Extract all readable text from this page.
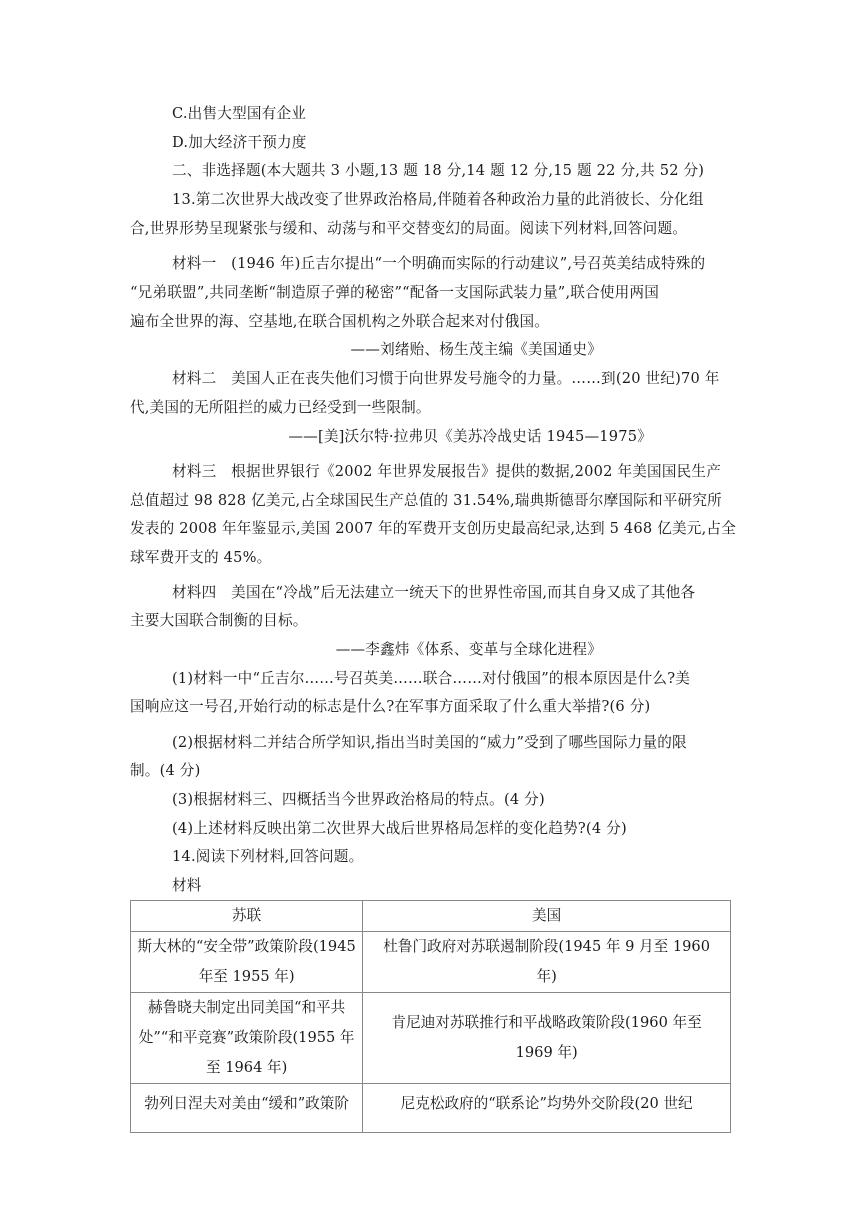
C.出售大型国有企业

D.加大经济干预力度

二、非选择题(本大题共 3 小题,13 题 18 分,14 题 12 分,15 题 22 分,共 52 分)

13.第二次世界大战改变了世界政治格局,伴随着各种政治力量的此消彼长、分化组

合,世界形势呈现紧张与缓和、动荡与和平交替变幻的局面。阅读下列材料,回答问题。

材料一　(1946 年)丘吉尔提出“一个明确而实际的行动建议”,号召英美结成特殊的

“兄弟联盟”,共同垄断“制造原子弹的秘密”“配备一支国际武装力量”,联合使用两国

遍布全世界的海、空基地,在联合国机构之外联合起来对付俄国。

——刘绪贻、杨生茂主编《美国通史》

材料二　美国人正在丧失他们习惯于向世界发号施令的力量。……到(20 世纪)70 年

代,美国的无所阻拦的威力已经受到一些限制。

——[美]沃尔特·拉弗贝《美苏冷战史话 1945—1975》

材料三　根据世界银行《2002 年世界发展报告》提供的数据,2002 年美国国民生产

总值超过 98 828 亿美元,占全球国民生产总值的 31.54%,瑞典斯德哥尔摩国际和平研究所

发表的 2008 年年鉴显示,美国 2007 年的军费开支创历史最高纪录,达到 5 468 亿美元,占全

球军费开支的 45%。

材料四　美国在“冷战”后无法建立一统天下的世界性帝国,而其自身又成了其他各

主要大国联合制衡的目标。

——李鑫炜《体系、变革与全球化进程》

(1)材料一中“丘吉尔……号召英美……联合……对付俄国”的根本原因是什么?美

国响应这一号召,开始行动的标志是什么?在军事方面采取了什么重大举措?(6 分)

(2)根据材料二并结合所学知识,指出当时美国的“威力”受到了哪些国际力量的限

制。(4 分)

(3)根据材料三、四概括当今世界政治格局的特点。(4 分)

(4)上述材料反映出第二次世界大战后世界格局怎样的变化趋势?(4 分)

14.阅读下列材料,回答问题。

材料

苏联	美国
斯大林的“安全带”政策阶段(1945
年至 1955 年)	杜鲁门政府对苏联遏制阶段(1945 年 9 月至 1960
年)
赫鲁晓夫制定出同美国“和平共
处”“和平竞赛”政策阶段(1955 年
至 1964 年)	肯尼迪对苏联推行和平战略政策阶段(1960 年至
1969 年)
勃列日涅夫对美由“缓和”政策阶	尼克松政府的“联系论”均势外交阶段(20 世纪
